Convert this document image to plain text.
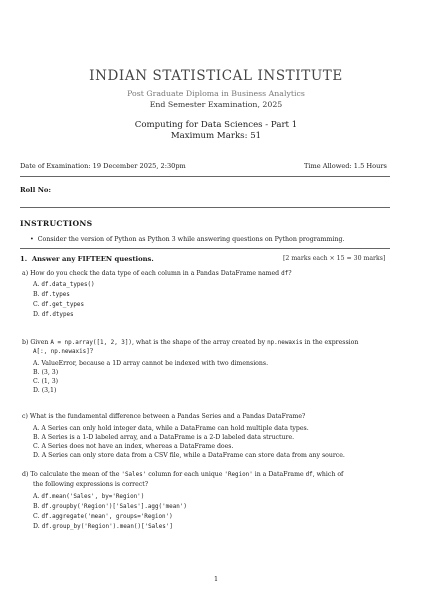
INDIAN STATISTICAL INSTITUTE
Post Graduate Diploma in Business Analytics
End Semester Examination, 2025
Computing for Data Sciences - Part 1
Maximum Marks: 51
Date of Examination: 19 December 2025, 2:30pm	Time Allowed: 1.5 Hours
Roll No:
INSTRUCTIONS
•  Consider the version of Python as Python 3 while answering questions on Python programming.
1. Answer any FIFTEEN questions.	[2 marks each × 15 = 30 marks]
a) How do you check the data type of each column in a Pandas DataFrame named df?
A. df.data_types()
B. df.types
C. df.get_types
D. df.dtypes
b) Given A = np.array([1, 2, 3]), what is the shape of the array created by np.newaxis in the expression
A[:, np.newaxis]?
A. ValueError, because a 1D array cannot be indexed with two dimensions.
B. (3, 3)
C. (1, 3)
D. (3,1)
c) What is the fundamental difference between a Pandas Series and a Pandas DataFrame?
A. A Series can only hold integer data, while a DataFrame can hold multiple data types.
B. A Series is a 1-D labeled array, and a DataFrame is a 2-D labeled data structure.
C. A Series does not have an index, whereas a DataFrame does.
D. A Series can only store data from a CSV file, while a DataFrame can store data from any source.
d) To calculate the mean of the 'Sales' column for each unique 'Region' in a DataFrame df, which of
the following expressions is correct?
A. df.mean('Sales', by='Region')
B. df.groupby('Region')['Sales'].agg('mean')
C. df.aggregate('mean', groups='Region')
D. df.group_by('Region').mean()['Sales']
1
